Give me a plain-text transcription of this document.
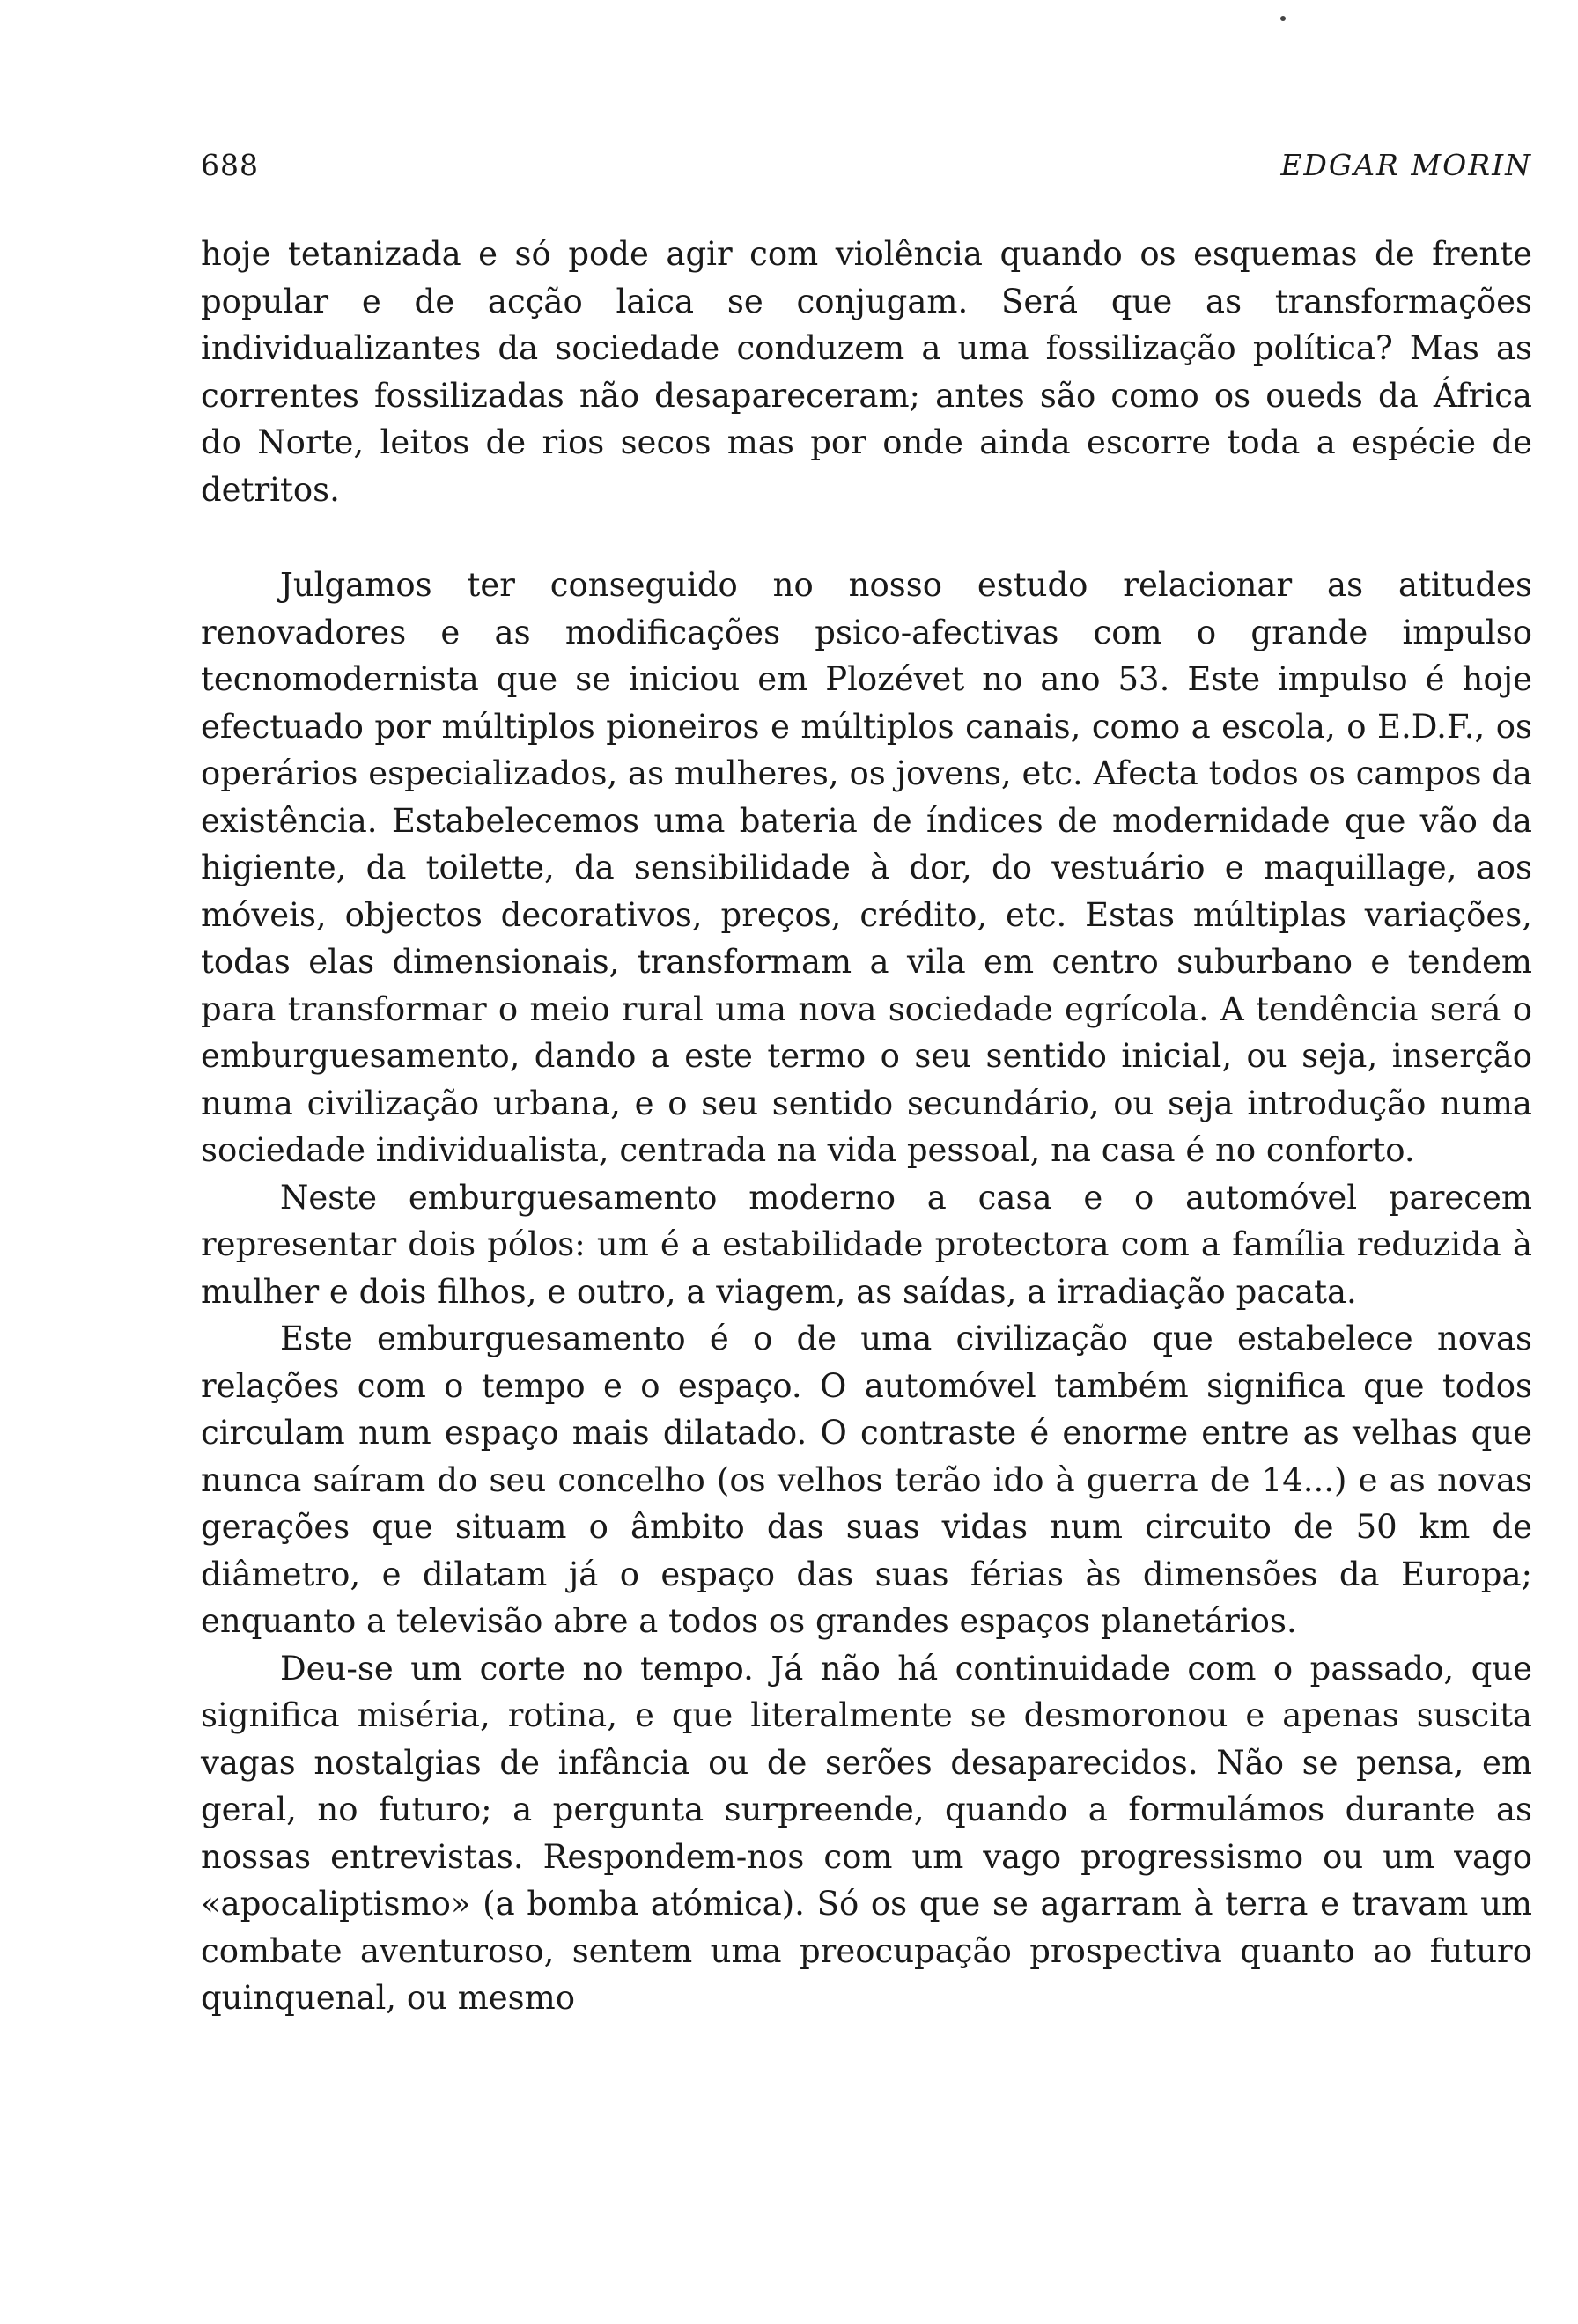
688	EDGAR MORIN

hoje tetanizada e só pode agir com violência quando os esquemas de frente popular e de acção laica se conjugam. Será que as transformações individualizantes da sociedade conduzem a uma fossilização política? Mas as correntes fossilizadas não desapareceram; antes são como os oueds da África do Norte, leitos de rios secos mas por onde ainda escorre toda a espécie de detritos.

Julgamos ter conseguido no nosso estudo relacionar as atitudes renovadores e as modificações psico-afectivas com o grande impulso tecnomodernista que se iniciou em Plozévet no ano 53. Este impulso é hoje efectuado por múltiplos pioneiros e múltiplos canais, como a escola, o E.D.F., os operários especializados, as mulheres, os jovens, etc. Afecta todos os campos da existência. Estabelecemos uma bateria de índices de modernidade que vão da higiente, da toilette, da sensibilidade à dor, do vestuário e maquillage, aos móveis, objectos decorativos, preços, crédito, etc. Estas múltiplas variações, todas elas dimensionais, transformam a vila em centro suburbano e tendem para transformar o meio rural uma nova sociedade egrícola. A tendência será o emburguesamento, dando a este termo o seu sentido inicial, ou seja, inserção numa civilização urbana, e o seu sentido secundário, ou seja introdução numa sociedade individualista, centrada na vida pessoal, na casa é no conforto.

Neste emburguesamento moderno a casa e o automóvel parecem representar dois pólos: um é a estabilidade protectora com a família reduzida à mulher e dois filhos, e outro, a viagem, as saídas, a irradiação pacata.

Este emburguesamento é o de uma civilização que estabelece novas relações com o tempo e o espaço. O automóvel também significa que todos circulam num espaço mais dilatado. O contraste é enorme entre as velhas que nunca saíram do seu concelho (os velhos terão ido à guerra de 14...) e as novas gerações que situam o âmbito das suas vidas num circuito de 50 km de diâmetro, e dilatam já o espaço das suas férias às dimensões da Europa; enquanto a televisão abre a todos os grandes espaços planetários.

Deu-se um corte no tempo. Já não há continuidade com o passado, que significa miséria, rotina, e que literalmente se desmoronou e apenas suscita vagas nostalgias de infância ou de serões desaparecidos. Não se pensa, em geral, no futuro; a pergunta surpreende, quando a formulámos durante as nossas entrevistas. Respondem-nos com um vago progressismo ou um vago «apocaliptismo» (a bomba atómica). Só os que se agarram à terra e travam um combate aventuroso, sentem uma preocupação prospectiva quanto ao futuro quinquenal, ou mesmo
